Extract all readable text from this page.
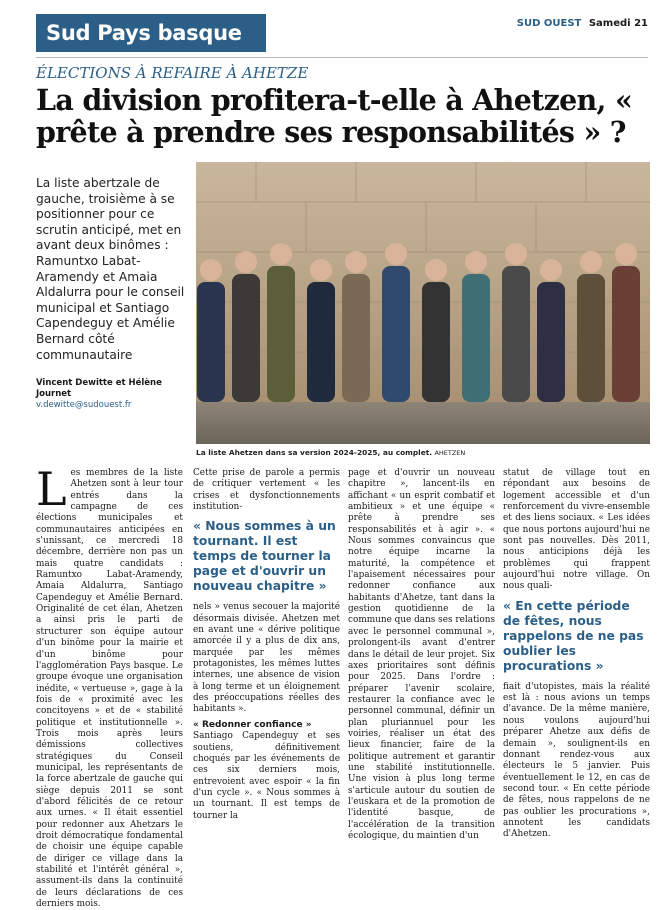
Sud Pays basque	SUD OUEST Samedi 21
ÉLECTIONS À REFAIRE À AHETZE
La division profitera-t-elle à Ahetzen, « prête à prendre ses responsabilités » ?
La liste abertzale de gauche, troisième à se positionner pour ce scrutin anticipé, met en avant deux binômes : Ramuntxo Labat-Aramendy et Amaia Aldalurra pour le conseil municipal et Santiago Capendeguy et Amélie Bernard côté communautaire
Vincent Dewitte et Hélène Journet
v.dewitte@sudouest.fr
La liste Ahetzen dans sa version 2024-2025, au complet. AHETZEN
L es membres de la liste Ahetzen sont à leur tour entrés dans la campagne de ces élections municipales et communautaires anticipées en s'unissant, ce mercredi 18 décembre, derrière non pas un mais quatre candidats : Ramuntxo Labat-Aramendy, Amaia Aldalurra, Santiago Capendeguy et Amélie Bernard. Originalité de cet élan, Ahetzen a ainsi pris le parti de structurer son équipe autour d'un binôme pour la mairie et d'un binôme pour l'agglomération Pays basque. Le groupe évoque une organisation inédite, « vertueuse », gage à la fois de « proximité avec les concitoyens » et de « stabilité politique et institutionnelle ». Trois mois après leurs démissions collectives stratégiques du Conseil municipal, les représentants de la force abertzale de gauche qui siège depuis 2011 se sont d'abord félicités de ce retour aux urnes. « Il était essentiel pour redonner aux Ahetzars le droit démocratique fondamental de choisir une équipe capable de diriger ce village dans la stabilité et l'intérêt général », assument-ils dans la continuité de leurs déclarations de ces derniers mois.

Cette prise de parole a permis de critiquer vertement « les crises et dysfonctionnements institution-

« Nous sommes à un tournant. Il est temps de tourner la page et d'ouvrir un nouveau chapitre »

nels » venus secouer la majorité désormais divisée. Ahetzen met en avant une « dérive politique amorcée il y a plus de dix ans, marquée par les mêmes protagonistes, les mêmes luttes internes, une absence de vision à long terme et un éloignement des préoccupations réelles des habitants ».

« Redonner confiance »

Santiago Capendeguy et ses soutiens, définitivement choqués par les événements de ces six derniers mois, entrevoient avec espoir « la fin d'un cycle ». « Nous sommes à un tournant. Il est temps de tourner la

page et d'ouvrir un nouveau chapitre », lancent-ils en affichant « un esprit combatif et ambitieux » et une équipe « prête à prendre ses responsabilités et à agir ». « Nous sommes convaincus que notre équipe incarne la maturité, la compétence et l'apaisement nécessaires pour redonner confiance aux habitants d'Ahetze, tant dans la gestion quotidienne de la commune que dans ses relations avec le personnel communal », prolongent-ils avant d'entrer dans le détail de leur projet. Six axes prioritaires sont définis pour 2025. Dans l'ordre : préparer l'avenir scolaire, restaurer la confiance avec le personnel communal, définir un plan pluriannuel pour les voiries, réaliser un état des lieux financier, faire de la politique autrement et garantir une stabilité institutionnelle. Une vision à plus long terme s'articule autour du soutien de l'euskara et de la promotion de l'identité basque, de l'accélération de la transition écologique, du maintien d'un

statut de village tout en répondant aux besoins de logement accessible et d'un renforcement du vivre-ensemble et des liens sociaux. « Les idées que nous portons aujourd'hui ne sont pas nouvelles. Dès 2011, nous anticipions déjà les problèmes qui frappent aujourd'hui notre village. On nous quali-

« En cette période de fêtes, nous rappelons de ne pas oublier les procurations »

fiait d'utopistes, mais la réalité est là : nous avions un temps d'avance. De la même manière, nous voulons aujourd'hui préparer Ahetze aux défis de demain », soulignent-ils en donnant rendez-vous aux électeurs le 5 janvier. Puis éventuellement le 12, en cas de second tour. « En cette période de fêtes, nous rappelons de ne pas oublier les procurations », annotent les candidats d'Ahetzen.
